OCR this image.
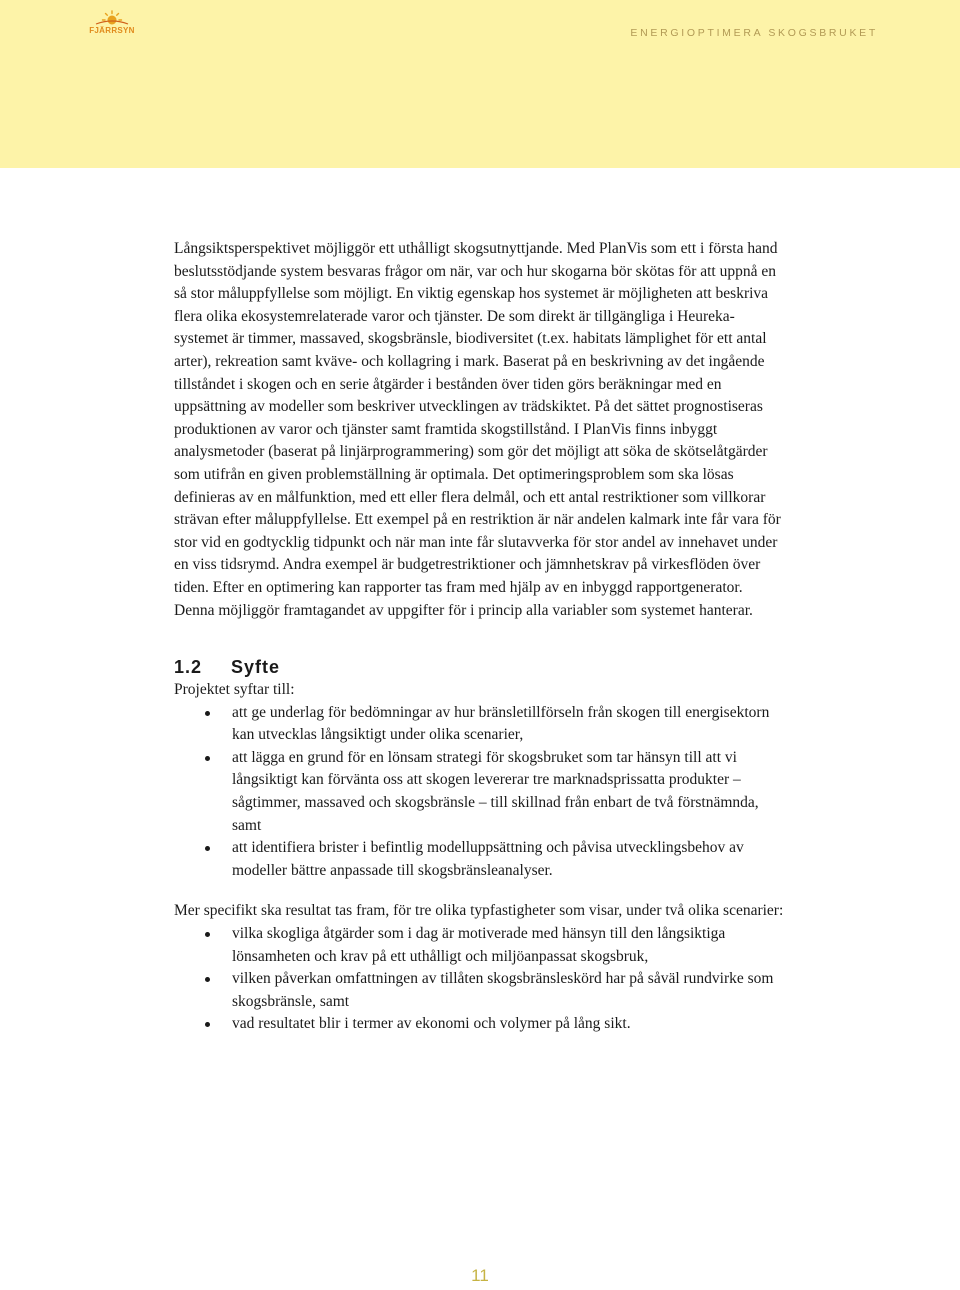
FJÄRRSYN	ENERGIOPTIMERA SKOGSBRUKET

Långsiktsperspektivet möjliggör ett uthålligt skogsutnyttjande. Med PlanVis som ett i första hand beslutsstödjande system besvaras frågor om när, var och hur skogarna bör skötas för att uppnå en så stor måluppfyllelse som möjligt. En viktig egenskap hos systemet är möjligheten att beskriva flera olika ekosystemrelaterade varor och tjänster. De som direkt är tillgängliga i Heureka-systemet är timmer, massaved, skogsbränsle, biodiversitet (t.ex. habitats lämplighet för ett antal arter), rekreation samt kväve- och kollagring i mark. Baserat på en beskrivning av det ingående tillståndet i skogen och en serie åtgärder i bestånden över tiden görs beräkningar med en uppsättning av modeller som beskriver utvecklingen av trädskiktet. På det sättet prognostiseras produktionen av varor och tjänster samt framtida skogstillstånd. I PlanVis finns inbyggt analysmetoder (baserat på linjärprogrammering) som gör det möjligt att söka de skötselåtgärder som utifrån en given problemställning är optimala. Det optimeringsproblem som ska lösas definieras av en målfunktion, med ett eller flera delmål, och ett antal restriktioner som villkorar strävan efter måluppfyllelse. Ett exempel på en restriktion är när andelen kalmark inte får vara för stor vid en godtycklig tidpunkt och när man inte får slutavverka för stor andel av innehavet under en viss tidsrymd. Andra exempel är budgetrestriktioner och jämnhetskrav på virkesflöden över tiden. Efter en optimering kan rapporter tas fram med hjälp av en inbyggd rapportgenerator. Denna möjliggör framtagandet av uppgifter för i princip alla variabler som systemet hanterar.

1.2 Syfte

Projektet syftar till:

att ge underlag för bedömningar av hur bränsletillförseln från skogen till energisektorn kan utvecklas långsiktigt under olika scenarier,
att lägga en grund för en lönsam strategi för skogsbruket som tar hänsyn till att vi långsiktigt kan förvänta oss att skogen levererar tre marknadsprissatta produkter – sågtimmer, massaved och skogsbränsle – till skillnad från enbart de två förstnämnda, samt
att identifiera brister i befintlig modelluppsättning och påvisa utvecklingsbehov av modeller bättre anpassade till skogsbränsleanalyser.

Mer specifikt ska resultat tas fram, för tre olika typfastigheter som visar, under två olika scenarier:

vilka skogliga åtgärder som i dag är motiverade med hänsyn till den långsiktiga lönsamheten och krav på ett uthålligt och miljöanpassat skogsbruk,
vilken påverkan omfattningen av tillåten skogsbränsleskörd har på såväl rundvirke som skogsbränsle, samt
vad resultatet blir i termer av ekonomi och volymer på lång sikt.
11
